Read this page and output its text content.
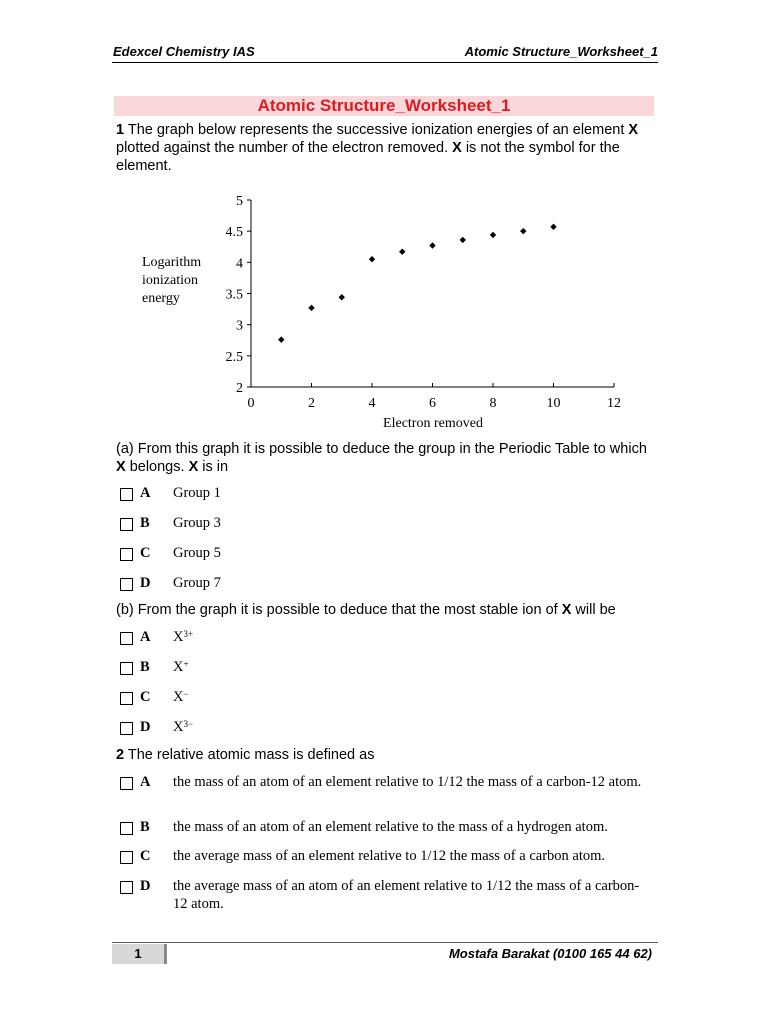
Edexcel Chemistry IAS	Atomic Structure_Worksheet_1
Atomic Structure_Worksheet_1
1 The graph below represents the successive ionization energies of an element X plotted against the number of the electron removed. X is not the symbol for the element.
0	2	4	6	8	10	12
2
2.5
3
3.5
4
4.5
5
Logarithm
ionization
energy
Electron removed
(a) From this graph it is possible to deduce the group in the Periodic Table to which X belongs. X is in
A Group 1
B Group 3
C Group 5
D Group 7
(b) From the graph it is possible to deduce that the most stable ion of X will be
A $X^{3+}$
B X+
C X−
D $X^{3-}$
2 The relative atomic mass is defined as
A the mass of an atom of an element relative to 1/12 the mass of a carbon-12 atom.
B the mass of an atom of an element relative to the mass of a hydrogen atom.
C the average mass of an element relative to 1/12 the mass of a carbon atom.
D the average mass of an atom of an element relative to 1/12 the mass of a carbon-12 atom.
1	Mostafa Barakat (0100 165 44 62)
